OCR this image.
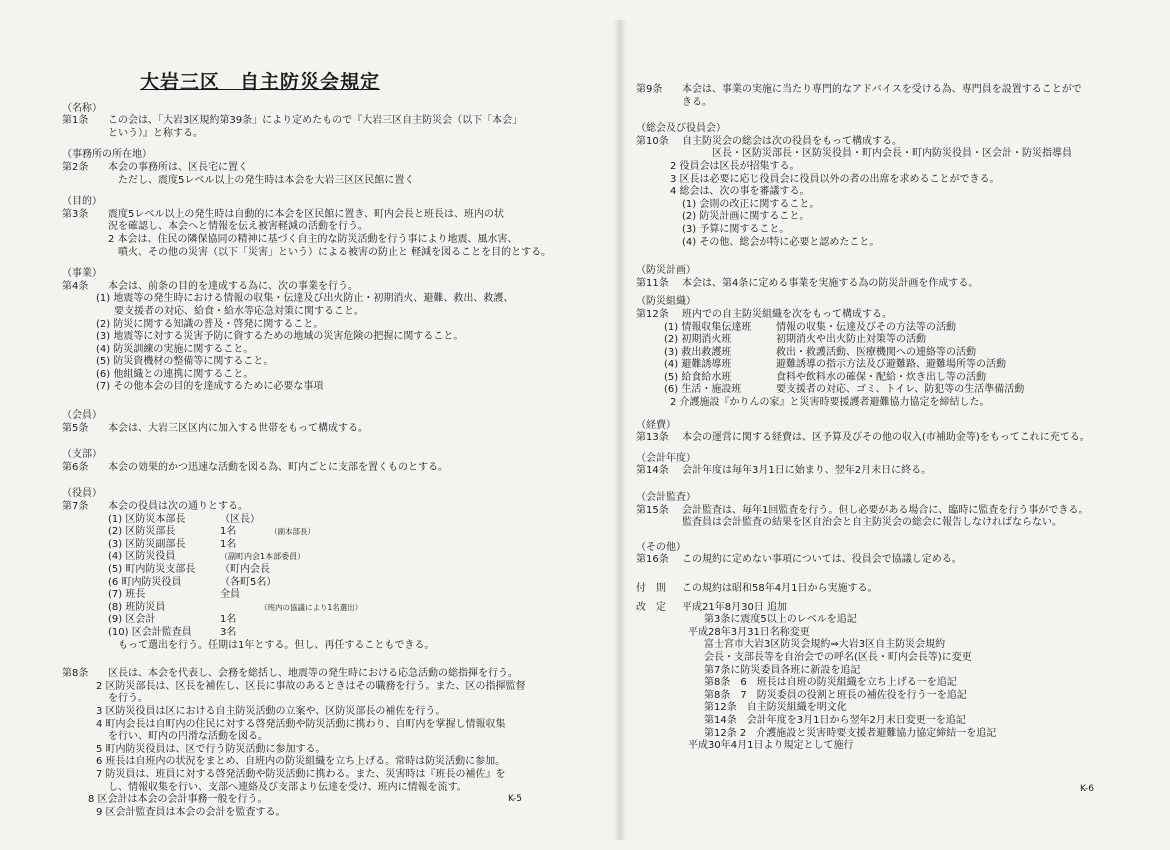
大岩三区　自主防災会規定
（名称）
第1条	この会は、「大岩3区規約第39条」により定めたもので『大岩三区自主防災会（以下「本会」
という）』と称する。
（事務所の所在地）
第2条	本会の事務所は、区長宅に置く
ただし、震度5レベル以上の発生時は本会を大岩三区区民館に置く
（目的）
第3条	震度5レベル以上の発生時は自動的に本会を区民館に置き、町内会長と班長は、班内の状
況を確認し、本会へと情報を伝え被害軽減の活動を行う。
2 本会は、住民の隣保協同の精神に基づく自主的な防災活動を行う事により地震、風水害、
噴火、その他の災害（以下「災害」という）による被害の防止と 軽減を図ることを目的とする。
（事業）
第4条	本会は、前条の目的を達成する為に、次の事業を行う。
(1) 地震等の発生時における情報の収集・伝達及び出火防止・初期消火、避難、救出、救護、
要支援者の対応、給食・給水等応急対策に関すること。
(2) 防災に関する知識の普及・啓発に関すること。
(3) 地震等に対する災害予防に資するための地域の災害危険の把握に関すること。
(4) 防災訓練の実施に関すること。
(5) 防災資機材の整備等に関すること。
(6) 他組織との連携に関すること。
(7) その他本会の目的を達成するために必要な事項
（会員）
第5条	本会は、大岩三区区内に加入する世帯をもって構成する。
（支部）
第6条	本会の効果的かつ迅速な活動を図る為、町内ごとに支部を置くものとする。
（役員）
第7条	本会の役員は次の通りとする。
(1) 区防災本部長	（区長）
(2) 区防災部長	1名	（副本部長）
(3) 区防災副部長	1名
(4) 区防災役員	（副町内会1本部委員）
(5) 町内防災支部長	（町内会長
(6 町内防災役員	（各町5名）
(7) 班長	全員
(8) 班防災員	（班内の協議により1名選出）
(9) 区会計	1名
(10) 区会計監査員	3名
もって選出を行う。任期は1年とする。但し、再任することもできる。
第8条	区長は、本会を代表し、会務を総括し、地震等の発生時における応急活動の総指揮を行う。
2 区防災部長は、区長を補佐し、区長に事故のあるときはその職務を行う。また、区の指揮監督
を行う。
3 区防災役員は区における自主防災活動の立案や、区防災部長の補佐を行う。
4 町内会長は自町内の住民に対する啓発活動や防災活動に携わり、自町内を掌握し情報収集
を行い、町内の円滑な活動を図る。
5 町内防災役員は、区で行う防災活動に参加する。
6 班長は自班内の状況をまとめ、自班内の防災組織を立ち上げる。常時は防災活動に参加。
7 防災員は、班員に対する啓発活動や防災活動に携わる。また、災害時は『班長の補佐』を
し、情報収集を行い、支部へ連絡及び支部より伝達を受け、班内に情報を流す。
8 区会計は本会の会計事務一般を行う。
9 区会計監査員は本会の会計を監査する。
K-5
第9条	本会は、事業の実施に当たり専門的なアドバイスを受ける為、専門員を設置することがで
きる。
（総会及び役員会）
第10条	自主防災会の総会は次の役員をもって構成する。
区長・区防災部長・区防災役員・町内会長・町内防災役員・区会計・防災指導員
2 役員会は区長が招集する。
3 区長は必要に応じ役員会に役員以外の者の出席を求めることができる。
4 総会は、次の事を審議する。
(1) 会則の改正に関すること。
(2) 防災計画に関すること。
(3) 予算に関すること。
(4) その他、総会が特に必要と認めたこと。
（防災計画）
第11条	本会は、第4条に定める事業を実施する為の防災計画を作成する。
（防災組織）
第12条	班内での自主防災組織を次をもって構成する。
(1) 情報収集伝達班	情報の収集・伝達及びその方法等の活動
(2) 初期消火班	初期消火や出火防止対策等の活動
(3) 救出救護班	救出・救護活動、医療機関への連絡等の活動
(4) 避難誘導班	避難誘導の指示方法及び避難路、避難場所等の活動
(5) 給食給水班	食料や飲料水の確保・配給・炊き出し等の活動
(6) 生活・施設班	要支援者の対応、ゴミ、トイレ、防犯等の生活準備活動
2 介護施設『かりんの家』と災害時要援護者避難協力協定を締結した。
（経費）
第13条	本会の運営に関する経費は、区予算及びその他の収入(市補助金等)をもってこれに充てる。
（会計年度）
第14条	会計年度は毎年3月1日に始まり、翌年2月末日に終る。
（会計監査）
第15条	会計監査は、毎年1回監査を行う。但し必要がある場合に、臨時に監査を行う事ができる。
監査員は会計監査の結果を区自治会と自主防災会の総会に報告しなければならない。
（その他）
第16条	この規約に定めない事項については、役員会で協議し定める。
付　則	この規約は昭和58年4月1日から実施する。
改　定	平成21年8月30日 追加
第3条に震度5以上のレベルを追記
平成28年3月31日名称変更
富士宮市大岩3区防災会規約⇒大岩3区自主防災会規約
会長・支部長等を自治会での呼名(区長・町内会長等)に変更
第7条に防災委員各班に新設を追記
第8条　6　班長は自班の防災組織を立ち上げる一を追記
第8条　7　防災委員の役割と班長の補佐役を行う一を追記
第12条　自主防災組織を明文化
第14条　会計年度を3月1日から翌年2月末日変更一を追記
第12条 2　介護施設と災害時要支援者避難協力協定締結一を追記
平成30年4月1日より規定として施行
K-6
